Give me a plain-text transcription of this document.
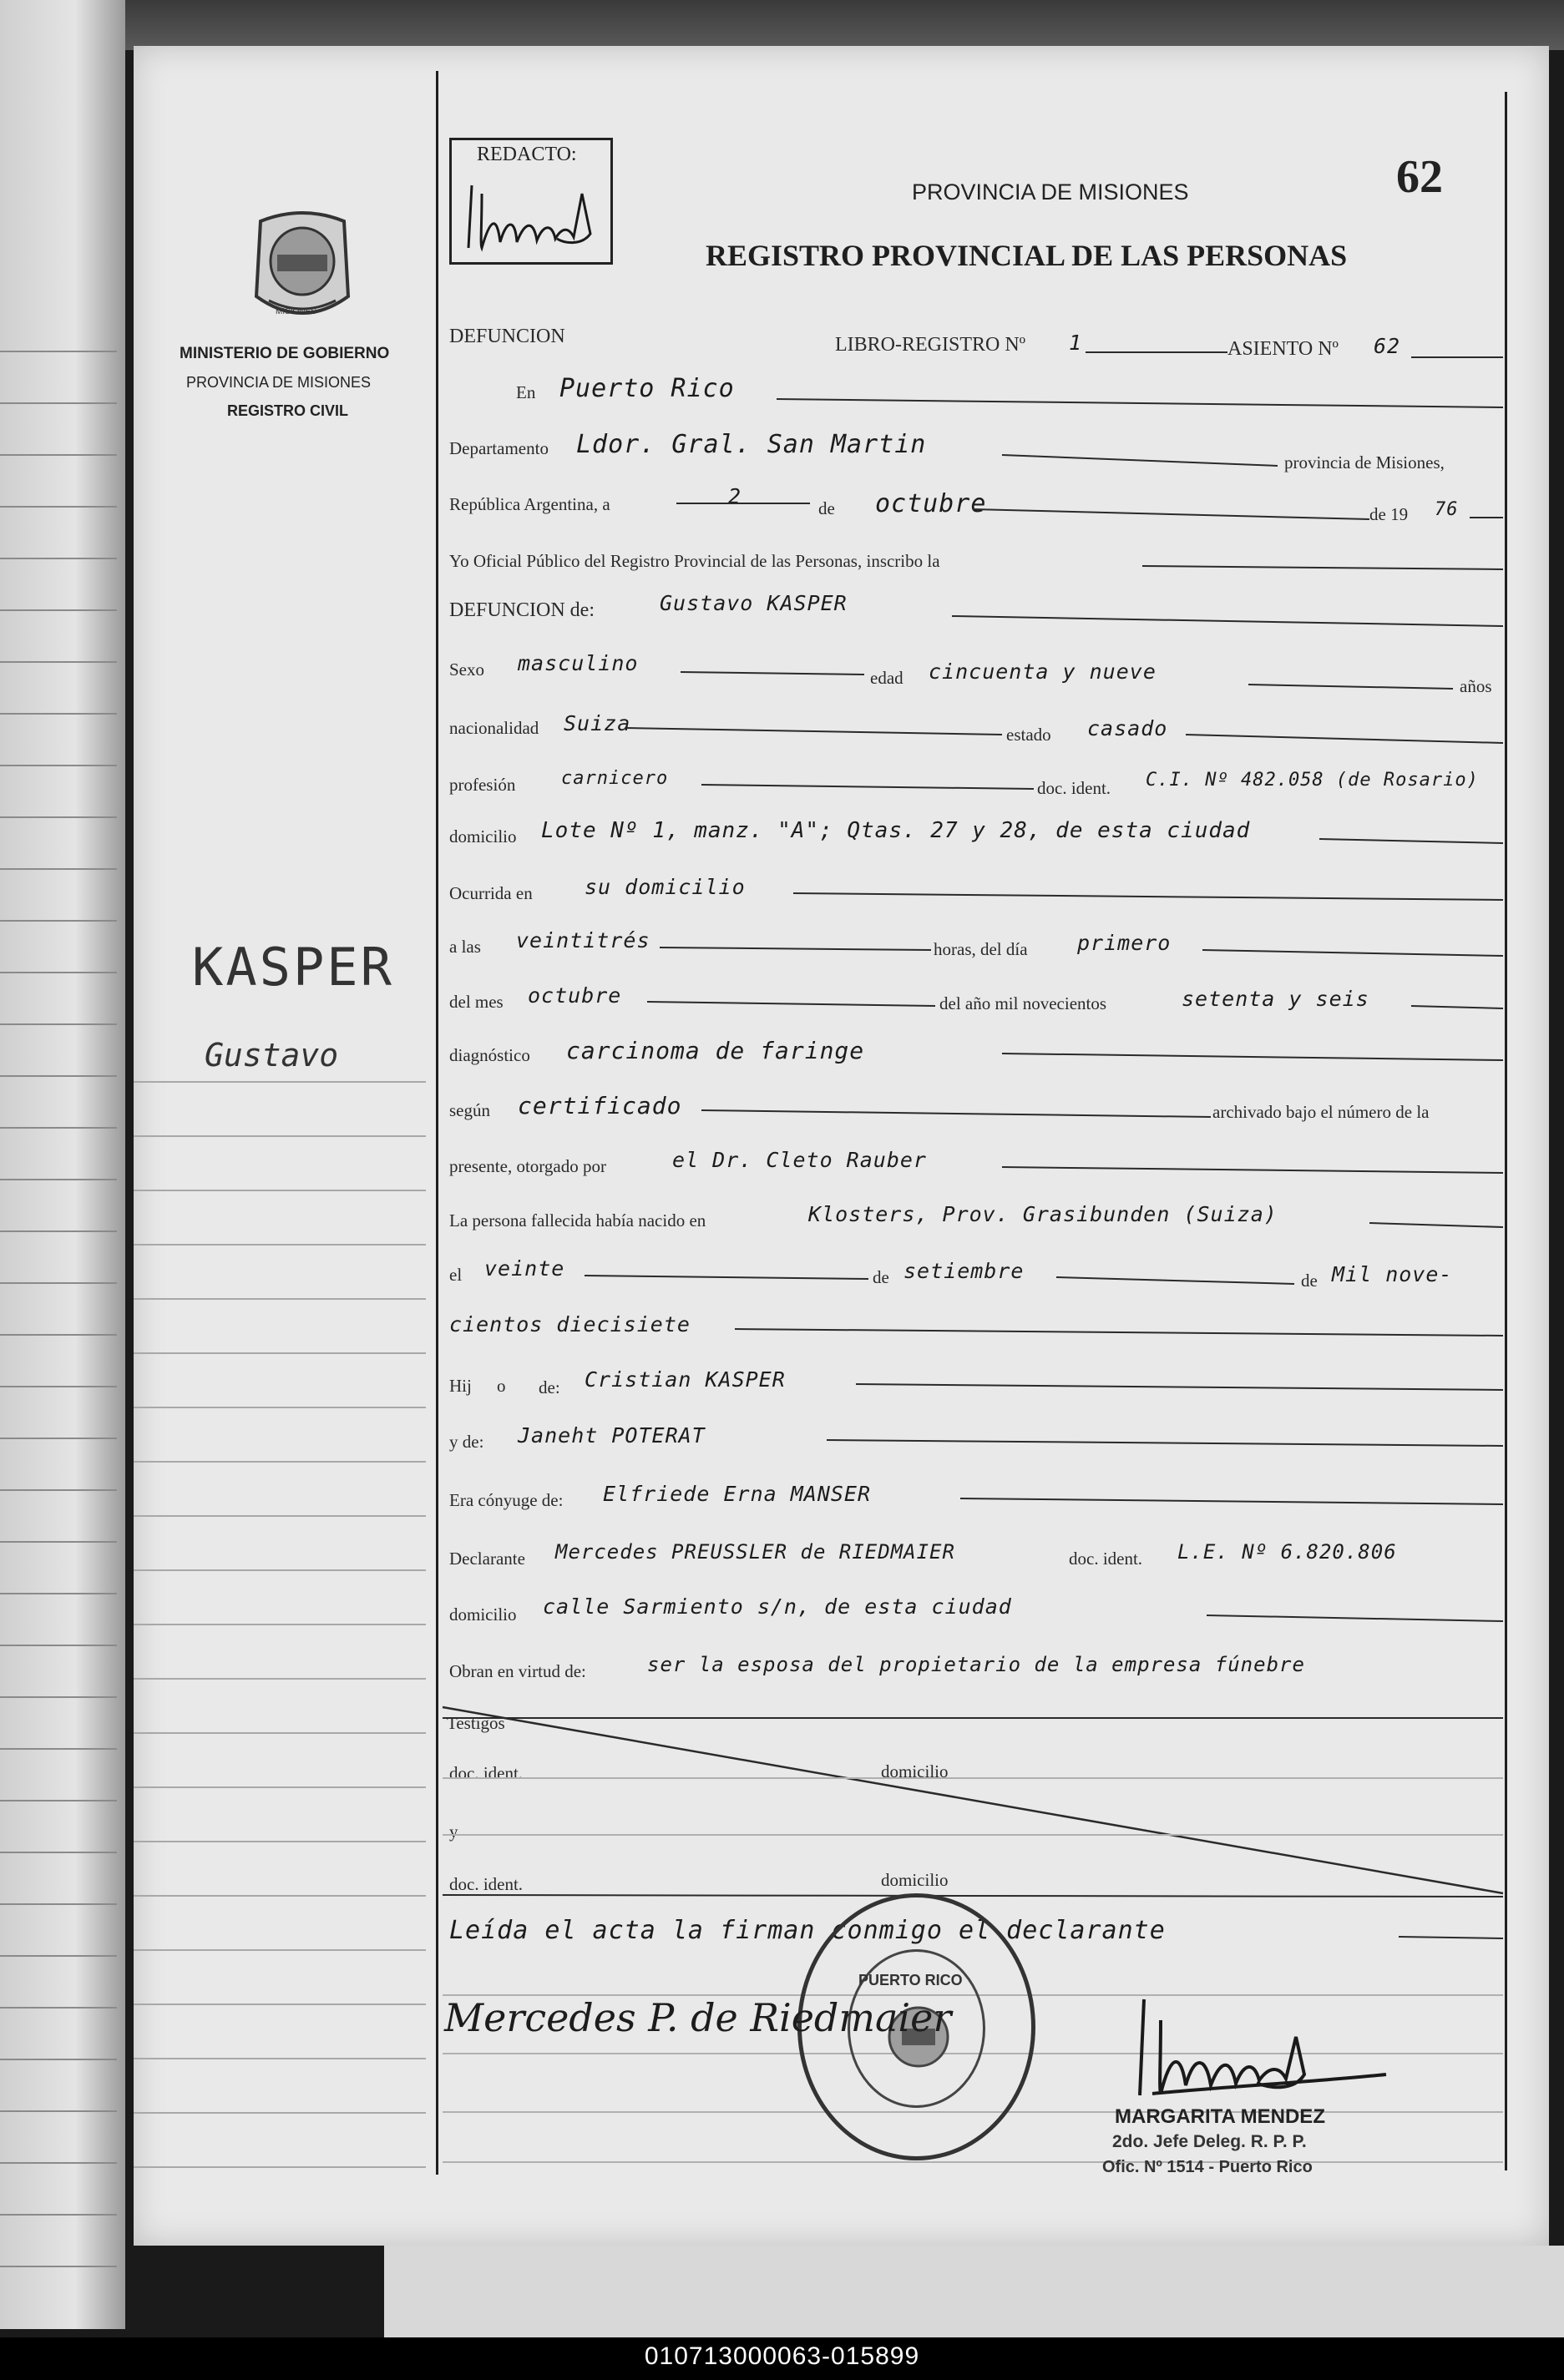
REDACTO:	62
PROVINCIA DE MISIONES
REGISTRO PROVINCIAL DE LAS PERSONAS
MISIONES
MINISTERIO DE GOBIERNO
PROVINCIA DE MISIONES
REGISTRO CIVIL
KASPER
Gustavo
DEFUNCION	LIBRO-REGISTRO Nº 1	ASIENTO Nº 62
En Puerto Rico
Departamento Ldor. Gral. San Martin
provincia de Misiones,
República Argentina, a	2	de octubre	de 19 76
Yo Oficial Público del Registro Provincial de las Personas, inscribo la
DEFUNCION de:	Gustavo KASPER
Sexo masculino
edad cincuenta y nueve
años
nacionalidad Suiza	estado casado
profesión carnicero	doc. ident. C.I. Nº 482.058 (de Rosario)
domicilio Lote Nº 1, manz. "A"; Qtas. 27 y 28, de esta ciudad
Ocurrida en su domicilio
a las veintitrés	horas, del día primero
del mes octubre	del año mil novecientos	setenta y seis
diagnóstico carcinoma de faringe
según certificado	archivado bajo el número de la
presente, otorgado por	el Dr. Cleto Rauber
La persona fallecida había nacido en	Klosters, Prov. Grasibunden (Suiza)
el veinte	de setiembre	de Mil nove-
cientos diecisiete
Hij o de: Cristian KASPER
y de: Janeht POTERAT
Era cónyuge de: Elfriede Erna MANSER
Declarante Mercedes PREUSSLER de RIEDMAIER	doc. ident. L.E. Nº 6.820.806
domicilio calle Sarmiento s/n, de esta ciudad
Obran en virtud de:	ser la esposa del propietario de la empresa fúnebre
Testigos
doc. ident.	domicilio
y
doc. ident.	domicilio
Leída el acta la firman conmigo el declarante
PUERTO RICO
Mercedes P. de Riedmaier
MARGARITA MENDEZ
2do. Jefe Deleg. R. P. P.
Ofic. Nº 1514 - Puerto Rico
010713000063-015899
